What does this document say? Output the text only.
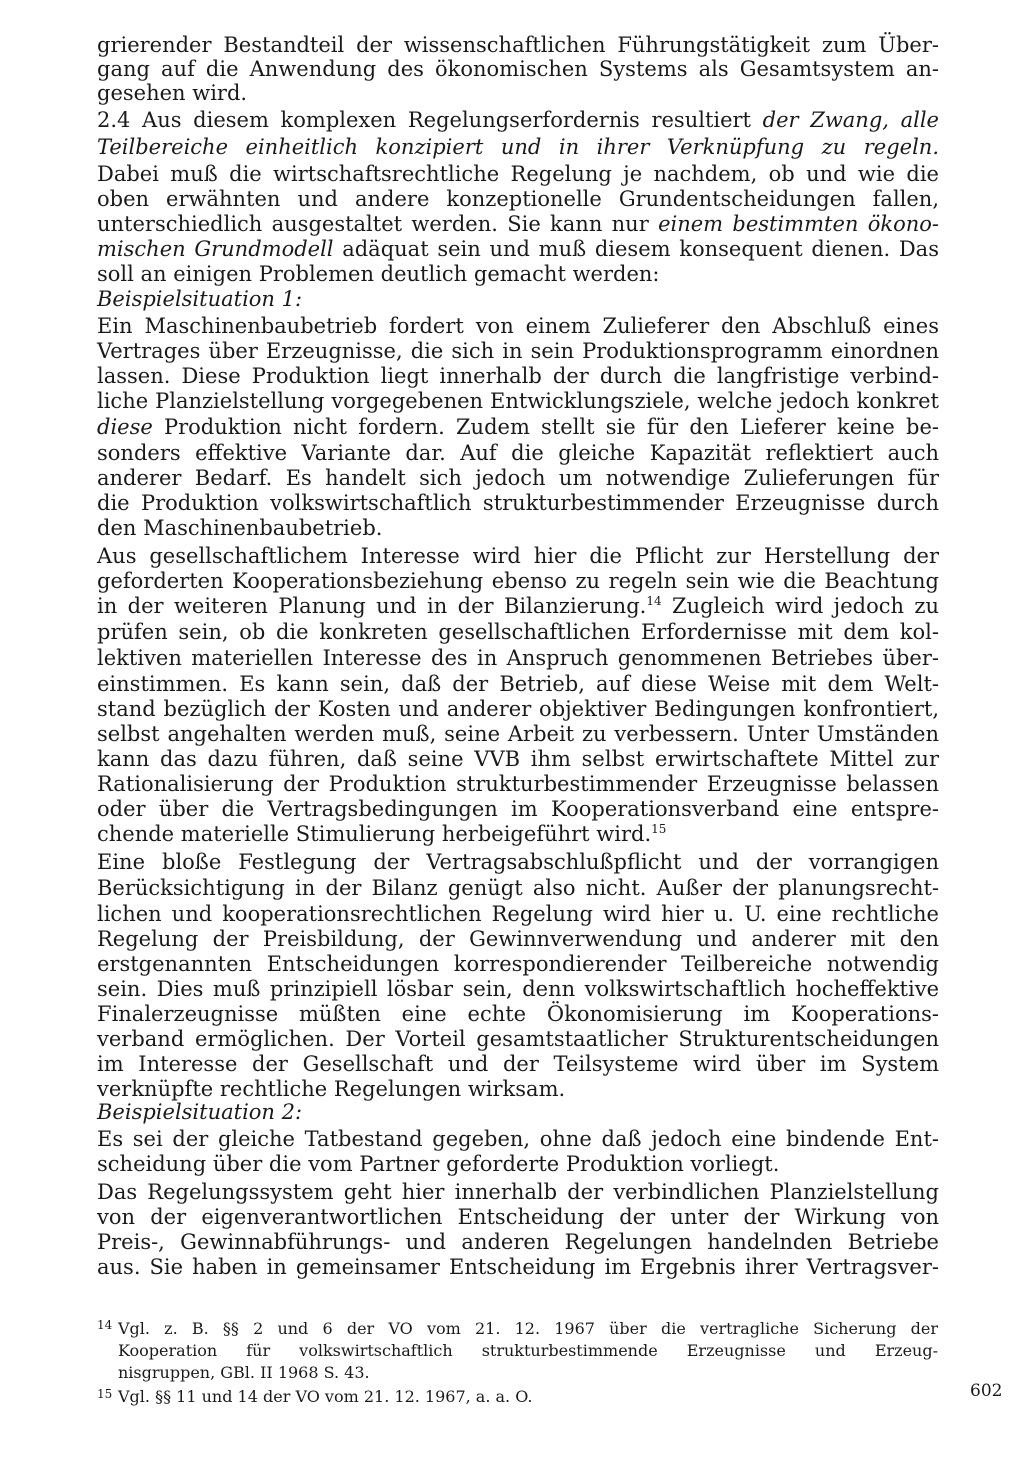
grierender Bestandteil der wissenschaftlichen Führungstätigkeit zum Über-
gang auf die Anwendung des ökonomischen Systems als Gesamtsystem an-
gesehen wird.
2.4 Aus diesem komplexen Regelungserfordernis resultiert der Zwang, alle
Teilbereiche einheitlich konzipiert und in ihrer Verknüpfung zu regeln.
Dabei muß die wirtschaftsrechtliche Regelung je nachdem, ob und wie die
oben erwähnten und andere konzeptionelle Grundentscheidungen fallen,
unterschiedlich ausgestaltet werden. Sie kann nur einem bestimmten ökono-
mischen Grundmodell adäquat sein und muß diesem konsequent dienen. Das
soll an einigen Problemen deutlich gemacht werden:
Beispielsituation 1:
Ein Maschinenbaubetrieb fordert von einem Zulieferer den Abschluß eines
Vertrages über Erzeugnisse, die sich in sein Produktionsprogramm einordnen
lassen. Diese Produktion liegt innerhalb der durch die langfristige verbind-
liche Planzielstellung vorgegebenen Entwicklungsziele, welche jedoch konkret
diese Produktion nicht fordern. Zudem stellt sie für den Lieferer keine be-
sonders effektive Variante dar. Auf die gleiche Kapazität reflektiert auch
anderer Bedarf. Es handelt sich jedoch um notwendige Zulieferungen für
die Produktion volkswirtschaftlich strukturbestimmender Erzeugnisse durch
den Maschinenbaubetrieb.
Aus gesellschaftlichem Interesse wird hier die Pflicht zur Herstellung der
geforderten Kooperationsbeziehung ebenso zu regeln sein wie die Beachtung
in der weiteren Planung und in der Bilanzierung.$^{14}$ Zugleich wird jedoch zu
prüfen sein, ob die konkreten gesellschaftlichen Erfordernisse mit dem kol-
lektiven materiellen Interesse des in Anspruch genommenen Betriebes über-
einstimmen. Es kann sein, daß der Betrieb, auf diese Weise mit dem Welt-
stand bezüglich der Kosten und anderer objektiver Bedingungen konfrontiert,
selbst angehalten werden muß, seine Arbeit zu verbessern. Unter Umständen
kann das dazu führen, daß seine VVB ihm selbst erwirtschaftete Mittel zur
Rationalisierung der Produktion strukturbestimmender Erzeugnisse belassen
oder über die Vertragsbedingungen im Kooperationsverband eine entspre-
chende materielle Stimulierung herbeigeführt wird.$^{15}$
Eine bloße Festlegung der Vertragsabschlußpflicht und der vorrangigen
Berücksichtigung in der Bilanz genügt also nicht. Außer der planungsrecht-
lichen und kooperationsrechtlichen Regelung wird hier u. U. eine rechtliche
Regelung der Preisbildung, der Gewinnverwendung und anderer mit den
erstgenannten Entscheidungen korrespondierender Teilbereiche notwendig
sein. Dies muß prinzipiell lösbar sein, denn volkswirtschaftlich hocheffektive
Finalerzeugnisse müßten eine echte Ökonomisierung im Kooperations-
verband ermöglichen. Der Vorteil gesamtstaatlicher Strukturentscheidungen
im Interesse der Gesellschaft und der Teilsysteme wird über im System
verknüpfte rechtliche Regelungen wirksam.
Beispielsituation 2:
Es sei der gleiche Tatbestand gegeben, ohne daß jedoch eine bindende Ent-
scheidung über die vom Partner geforderte Produktion vorliegt.
Das Regelungssystem geht hier innerhalb der verbindlichen Planzielstellung
von der eigenverantwortlichen Entscheidung der unter der Wirkung von
Preis-, Gewinnabführungs- und anderen Regelungen handelnden Betriebe
aus. Sie haben in gemeinsamer Entscheidung im Ergebnis ihrer Vertragsver-
14 Vgl. z. B. §§ 2 und 6 der VO vom 21. 12. 1967 über die vertragliche Sicherung der
Kooperation für volkswirtschaftlich strukturbestimmende Erzeugnisse und Erzeug-
nisgruppen, GBl. II 1968 S. 43.
15 Vgl. §§ 11 und 14 der VO vom 21. 12. 1967, a. a. O.	602
